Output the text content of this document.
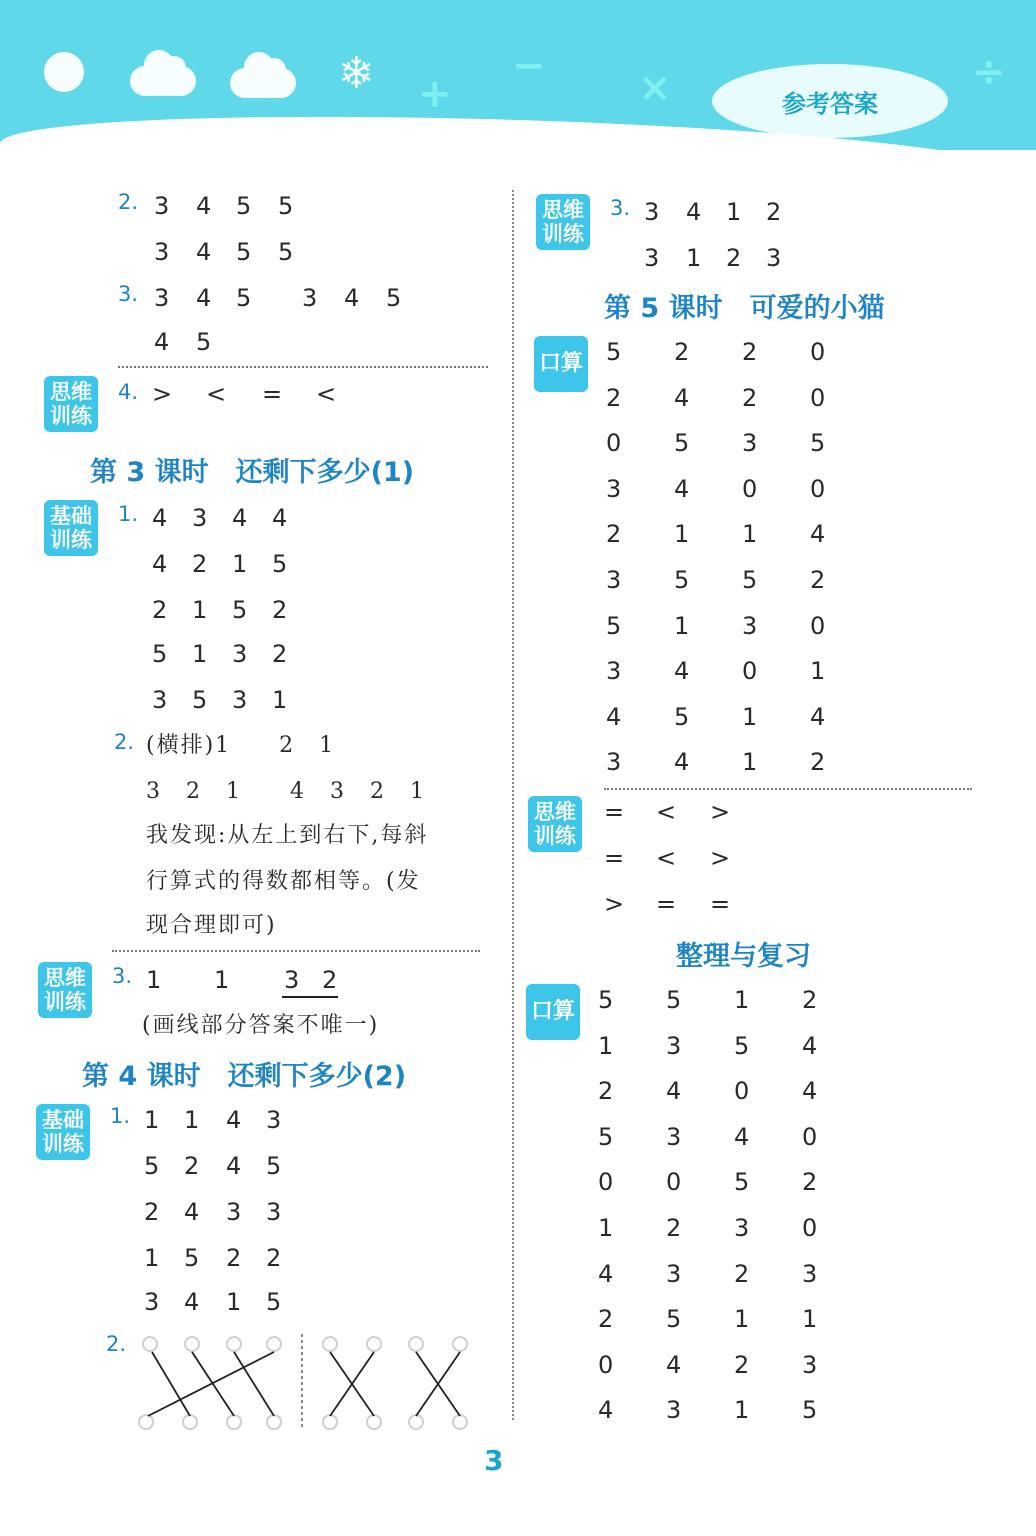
❄ +
− ×	÷
参考答案
2. 3 4 5 5
3 4 5 5
3. 3 4 5 3 4 5
4 5
思维训练
4. > < = <
第 3 课时　还剩下多少(1)
基础训练
1. 4 3 4 4
4 2 1 5
2 1 5 2
5 1 3 2
3 5 3 1
2. (横排)1　　2　1
3　2　1　　4　3　2　1
我发现:从左上到右下,每斜
行算式的得数都相等。(发
现合理即可)
思维训练
3. 1 1 3 2
(画线部分答案不唯一)
第 4 课时　还剩下多少(2)
基础训练
1. 1 1 4 3
5 2 4 5
2 4 3 3
1 5 2 2
3 4 1 5
2.
思维训练
3. 3 4 1 2
3 1 2 3
第 5 课时　可爱的小猫
口算 5 2 2 0
2 4 2 0
0 5 3 5
3 4 0 0
2 1 1 4
3 5 5 2
5 1 3 0
3 4 0 1
4 5 1 4
3 4 1 2
思维训练
= < >
= < >
> = =
整理与复习
口算 5 5 1 2
1 3 5 4
2 4 0 4
5 3 4 0
0 0 5 2
1 2 3 0
4 3 2 3
2 5 1 1
0 4 2 3
4 3 1 5
3
